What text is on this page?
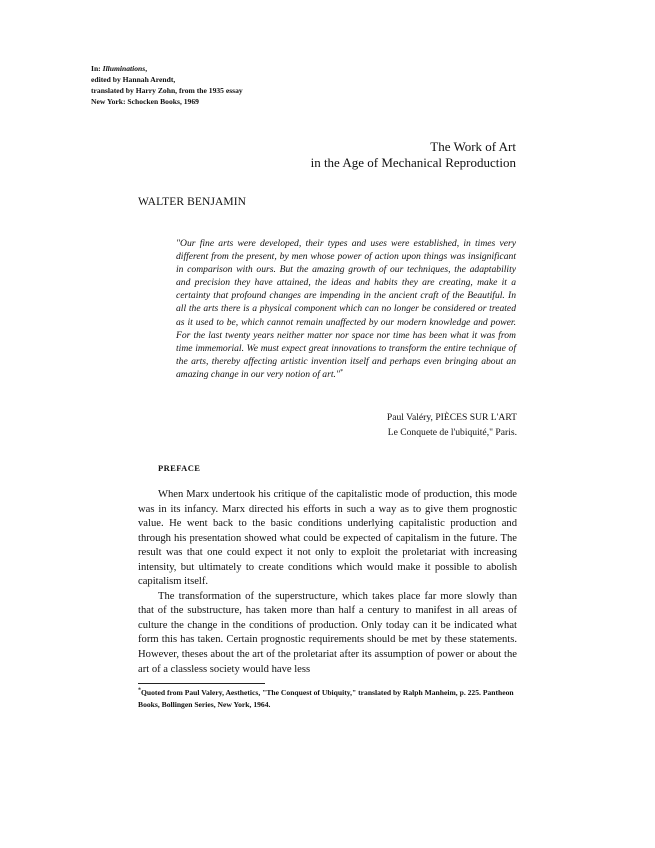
In: Illuminations,
edited by Hannah Arendt,
translated by Harry Zohn, from the 1935 essay
New York: Schocken Books, 1969
The Work of Art
in the Age of Mechanical Reproduction
WALTER BENJAMIN

"Our fine arts were developed, their types and uses were established, in times very different from the present, by men whose power of action upon things was insignificant in comparison with ours. But the amazing growth of our techniques, the adaptability and precision they have attained, the ideas and habits they are creating, make it a certainty that profound changes are impending in the ancient craft of the Beautiful. In all the arts there is a physical component which can no longer be considered or treated as it used to be, which cannot remain unaffected by our modern knowledge and power. For the last twenty years neither matter nor space nor time has been what it was from time immemorial. We must expect great innovations to transform the entire technique of the arts, thereby affecting artistic invention itself and perhaps even bringing about an amazing change in our very notion of art."*

Paul Valéry, PIÈCES SUR L'ART
Le Conquete de l'ubiquité," Paris.
PREFACE

When Marx undertook his critique of the capitalistic mode of production, this mode was in its infancy. Marx directed his efforts in such a way as to give them prognostic value. He went back to the basic conditions underlying capitalistic production and through his presentation showed what could be expected of capitalism in the future. The result was that one could expect it not only to exploit the proletariat with increasing intensity, but ultimately to create conditions which would make it possible to abolish capitalism itself.

The transformation of the superstructure, which takes place far more slowly than that of the substructure, has taken more than half a century to manifest in all areas of culture the change in the conditions of production. Only today can it be indicated what form this has taken. Certain prognostic requirements should be met by these statements. However, theses about the art of the proletariat after its assumption of power or about the art of a classless society would have less

*Quoted from Paul Valery, Aesthetics, "The Conquest of Ubiquity," translated by Ralph Manheim, p. 225. Pantheon Books, Bollingen Series, New York, 1964.
